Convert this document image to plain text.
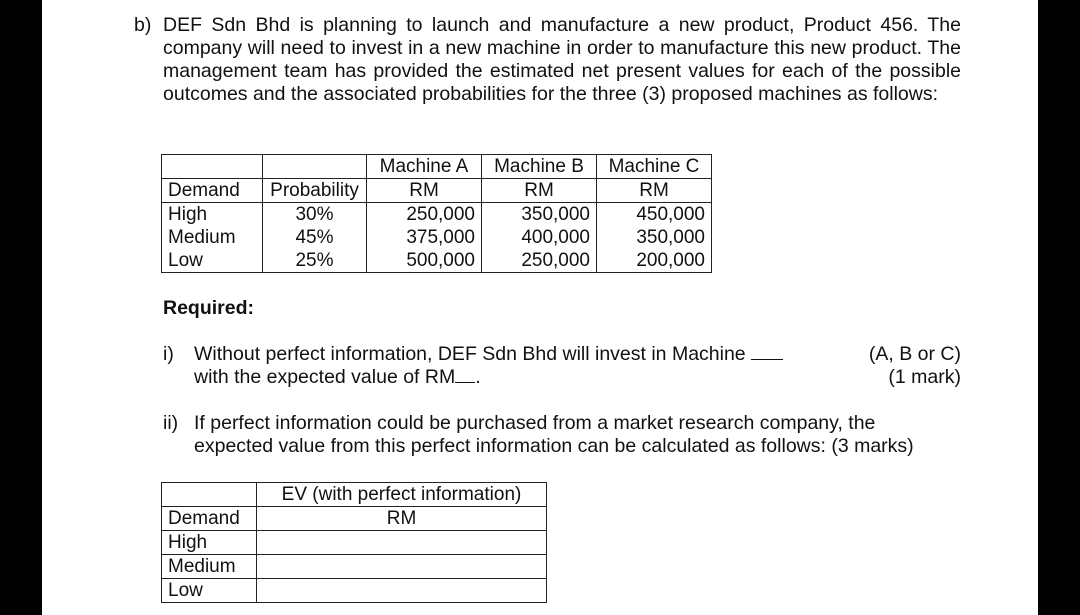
b) DEF Sdn Bhd is planning to launch and manufacture a new product, Product 456. The company will need to invest in a new machine in order to manufacture this new product. The management team has provided the estimated net present values for each of the possible outcomes and the associated probabilities for the three (3) proposed machines as follows:
		Machine A	Machine B	Machine C
Demand	Probability	RM	RM	RM
High	30%	250,000	350,000	450,000
Medium	45%	375,000	400,000	350,000
Low	25%	500,000	250,000	200,000
Required:
i) Without perfect information, DEF Sdn Bhd will invest in Machine
with the expected value of RM .
(A, B or C)
(1 mark)
ii) If perfect information could be purchased from a market research company, the
expected value from this perfect information can be calculated as follows: (3 marks)
	EV (with perfect information)
Demand	RM
High	
Medium	
Low	
